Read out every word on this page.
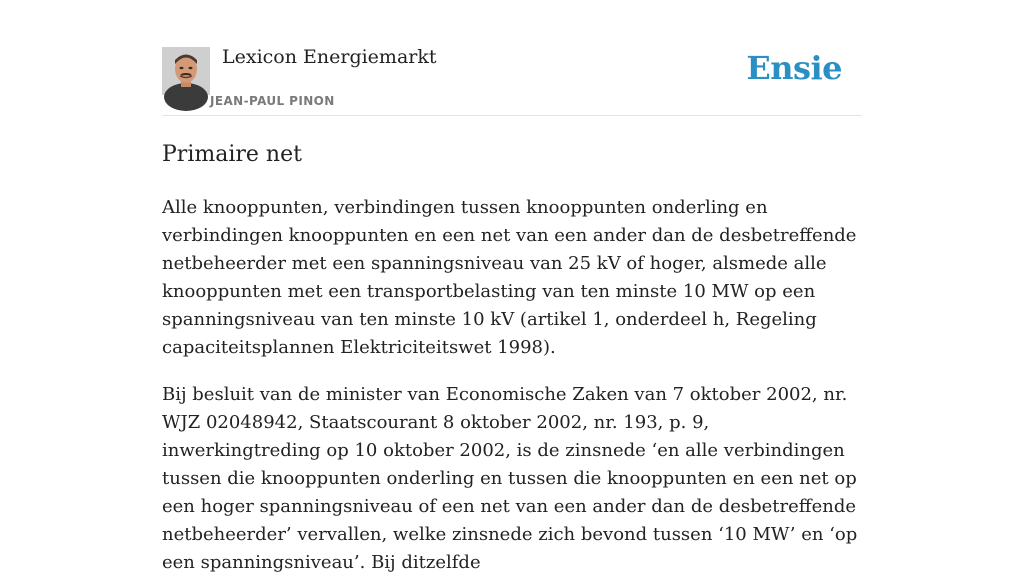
Lexicon Energiemarkt
JEAN-PAUL PINON
Ensie
Primaire net

Alle knooppunten, verbindingen tussen knooppunten onderling en verbindingen knooppunten en een net van een ander dan de desbetreffende netbeheerder met een spanningsniveau van 25 kV of hoger, alsmede alle knooppunten met een transportbelasting van ten minste 10 MW op een spanningsniveau van ten minste 10 kV (artikel 1, onderdeel h, Regeling capaciteitsplannen Elektriciteitswet 1998).

Bij besluit van de minister van Economische Zaken van 7 oktober 2002, nr. WJZ 02048942, Staatscourant 8 oktober 2002, nr. 193, p. 9, inwerkingtreding op 10 oktober 2002, is de zinsnede ‘en alle verbindingen tussen die knooppunten onderling en tussen die knooppunten en een net op een hoger spanningsniveau of een net van een ander dan de desbetreffende netbeheerder’ vervallen, welke zinsnede zich bevond tussen ‘10 MW’ en ‘op een spanningsniveau’. Bij ditzelfde
